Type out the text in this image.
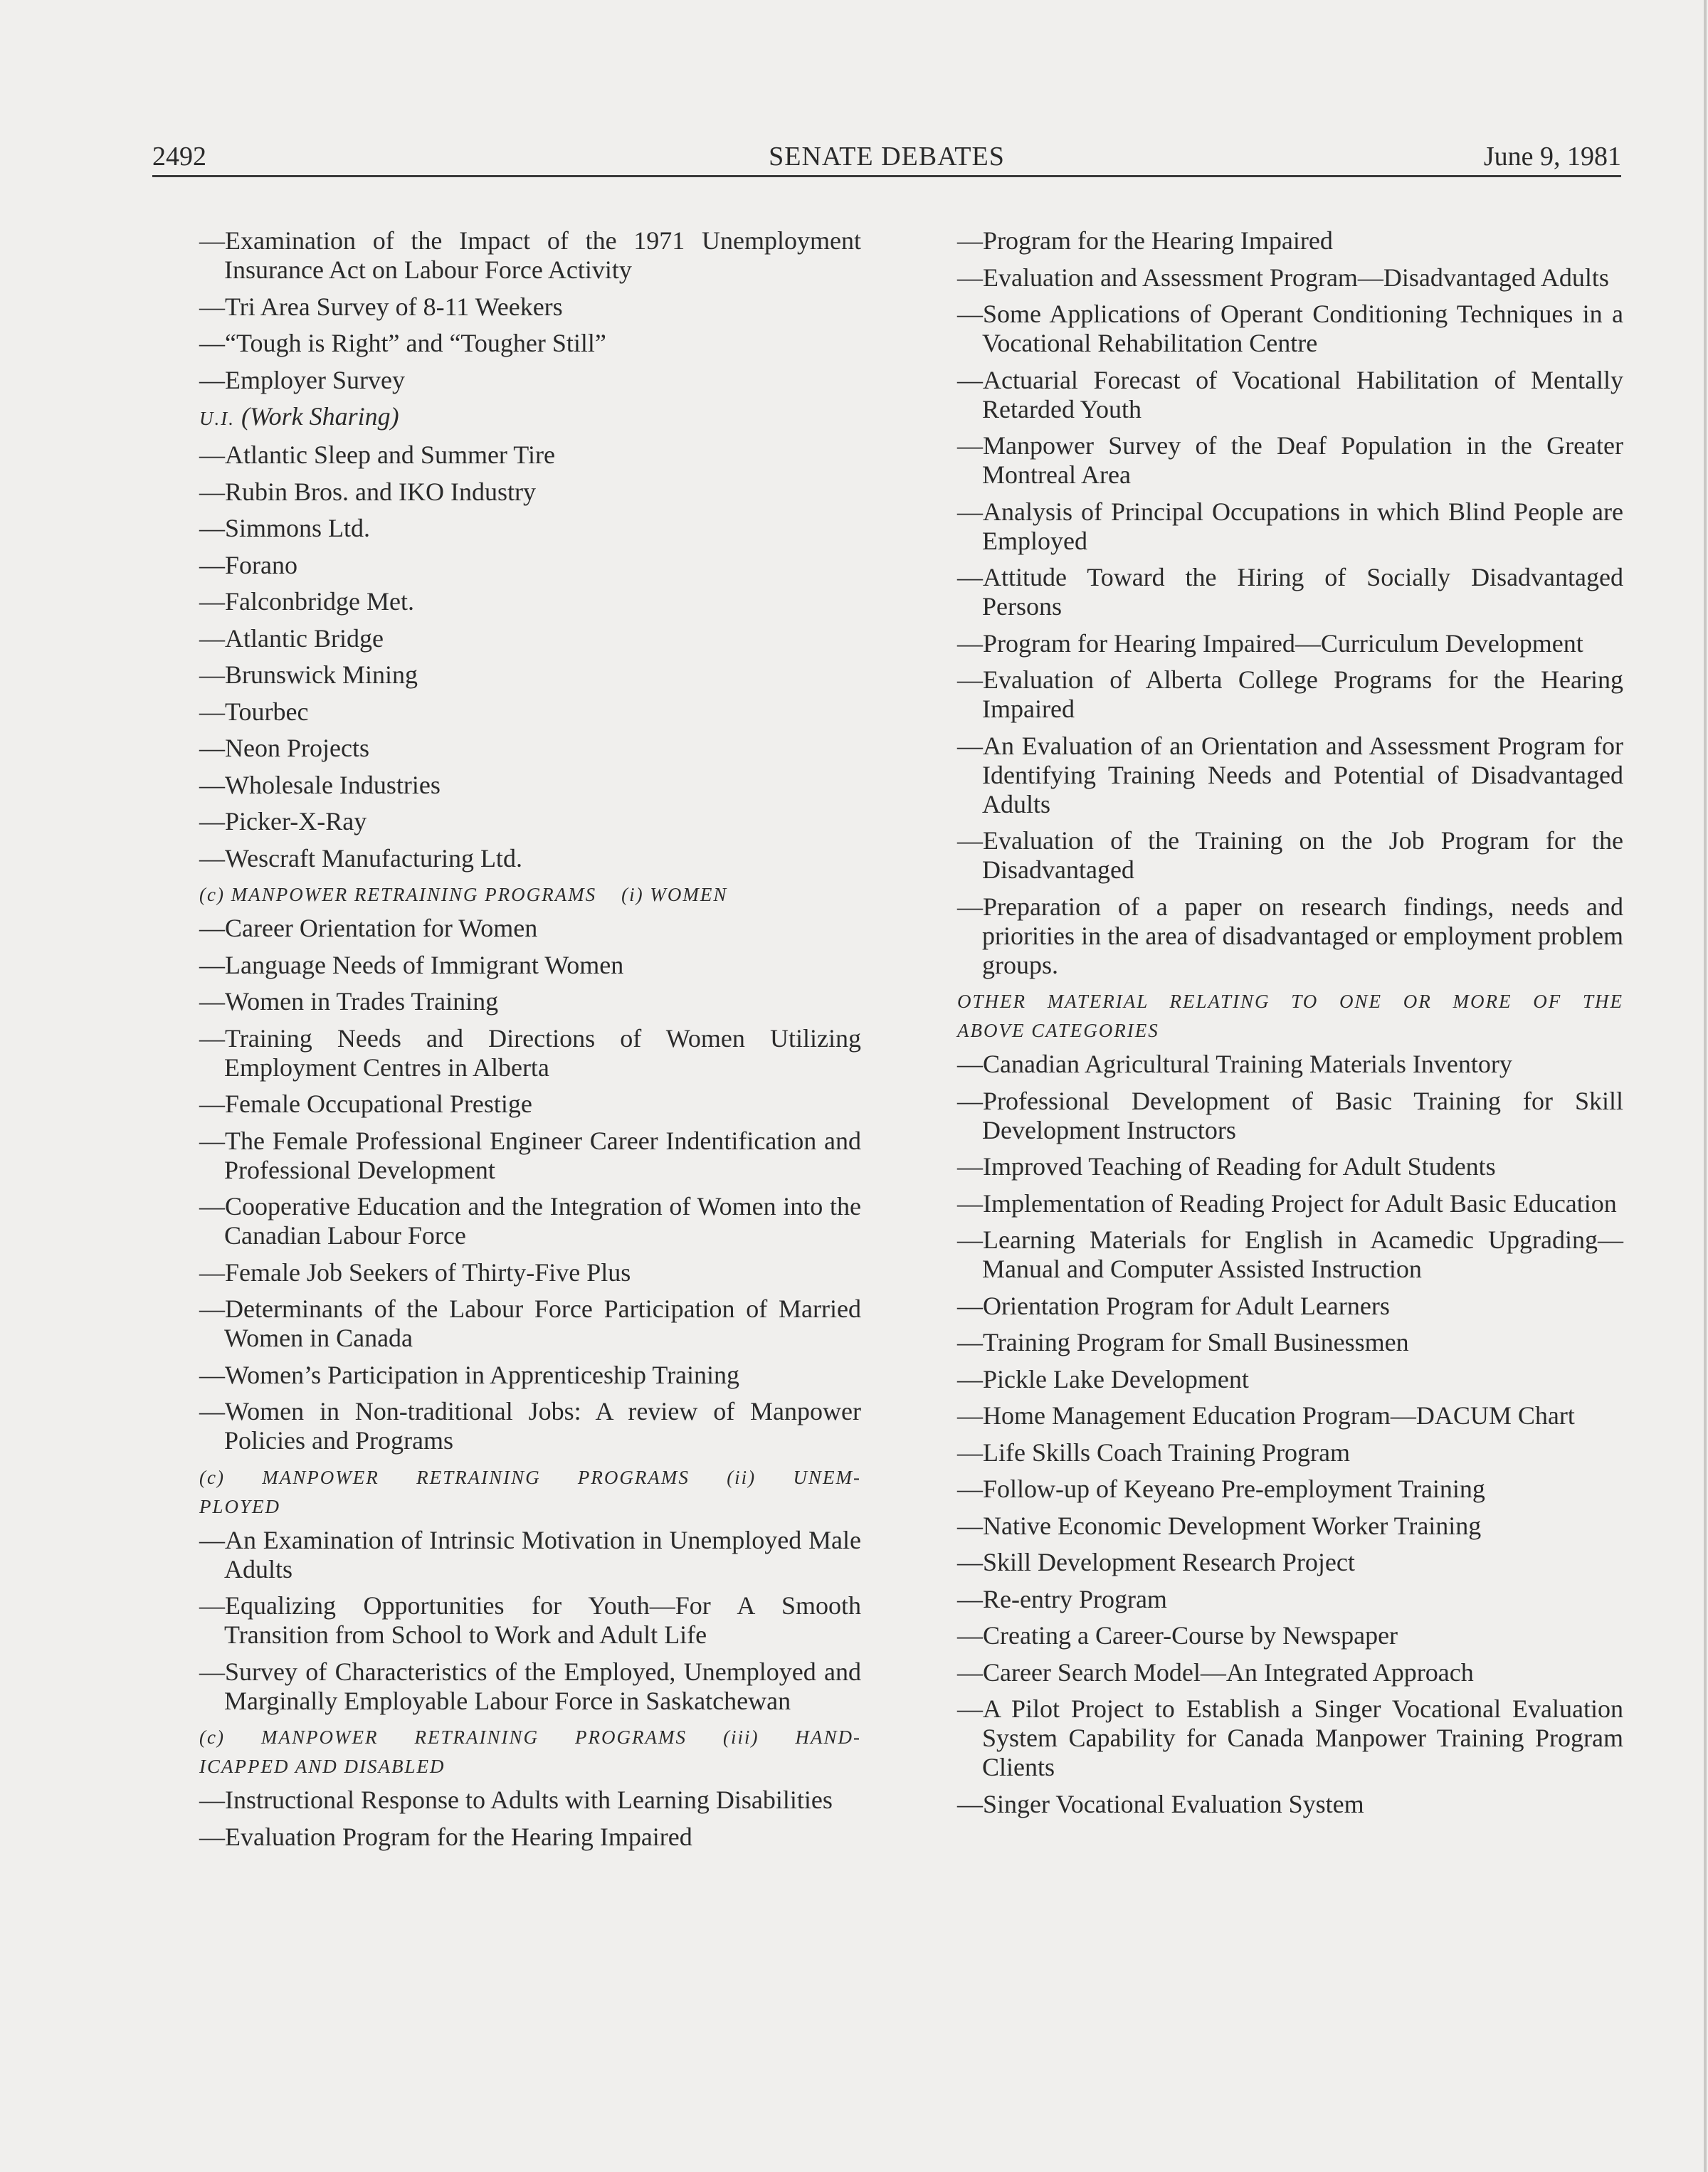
2492	SENATE DEBATES	June 9, 1981
—Examination of the Impact of the 1971 Unemployment Insurance Act on Labour Force Activity
—Tri Area Survey of 8-11 Weekers
—“Tough is Right” and “Tougher Still”
—Employer Survey
U.I. (Work Sharing)
—Atlantic Sleep and Summer Tire
—Rubin Bros. and IKO Industry
—Simmons Ltd.
—Forano
—Falconbridge Met.
—Atlantic Bridge
—Brunswick Mining
—Tourbec
—Neon Projects
—Wholesale Industries
—Picker-X-Ray
—Wescraft Manufacturing Ltd.
(c) MANPOWER RETRAINING PROGRAMS (i) WOMEN
—Career Orientation for Women
—Language Needs of Immigrant Women
—Women in Trades Training
—Training Needs and Directions of Women Utilizing Employment Centres in Alberta
—Female Occupational Prestige
—The Female Professional Engineer Career Indentification and Professional Development
—Cooperative Education and the Integration of Women into the Canadian Labour Force
—Female Job Seekers of Thirty-Five Plus
—Determinants of the Labour Force Participation of Married Women in Canada
—Women’s Participation in Apprenticeship Training
—Women in Non-traditional Jobs: A review of Manpower Policies and Programs
(c) MANPOWER RETRAINING PROGRAMS (ii) UNEM-
PLOYED
—An Examination of Intrinsic Motivation in Unemployed Male Adults
—Equalizing Opportunities for Youth—For A Smooth Transition from School to Work and Adult Life
—Survey of Characteristics of the Employed, Unemployed and Marginally Employable Labour Force in Saskatchewan
(c) MANPOWER RETRAINING PROGRAMS (iii) HAND-
ICAPPED AND DISABLED
—Instructional Response to Adults with Learning Disabilities
—Evaluation Program for the Hearing Impaired
—Program for the Hearing Impaired
—Evaluation and Assessment Program—Disadvantaged Adults
—Some Applications of Operant Conditioning Techniques in a Vocational Rehabilitation Centre
—Actuarial Forecast of Vocational Habilitation of Mentally Retarded Youth
—Manpower Survey of the Deaf Population in the Greater Montreal Area
—Analysis of Principal Occupations in which Blind People are Employed
—Attitude Toward the Hiring of Socially Disadvantaged Persons
—Program for Hearing Impaired—Curriculum Development
—Evaluation of Alberta College Programs for the Hearing Impaired
—An Evaluation of an Orientation and Assessment Program for Identifying Training Needs and Potential of Disadvantaged Adults
—Evaluation of the Training on the Job Program for the Disadvantaged
—Preparation of a paper on research findings, needs and priorities in the area of disadvantaged or employment problem groups.
OTHER MATERIAL RELATING TO ONE OR MORE OF THE
ABOVE CATEGORIES
—Canadian Agricultural Training Materials Inventory
—Professional Development of Basic Training for Skill Development Instructors
—Improved Teaching of Reading for Adult Students
—Implementation of Reading Project for Adult Basic Education
—Learning Materials for English in Acamedic Upgrading—Manual and Computer Assisted Instruction
—Orientation Program for Adult Learners
—Training Program for Small Businessmen
—Pickle Lake Development
—Home Management Education Program—DACUM Chart
—Life Skills Coach Training Program
—Follow-up of Keyeano Pre-employment Training
—Native Economic Development Worker Training
—Skill Development Research Project
—Re-entry Program
—Creating a Career-Course by Newspaper
—Career Search Model—An Integrated Approach
—A Pilot Project to Establish a Singer Vocational Evaluation System Capability for Canada Manpower Training Program Clients
—Singer Vocational Evaluation System
